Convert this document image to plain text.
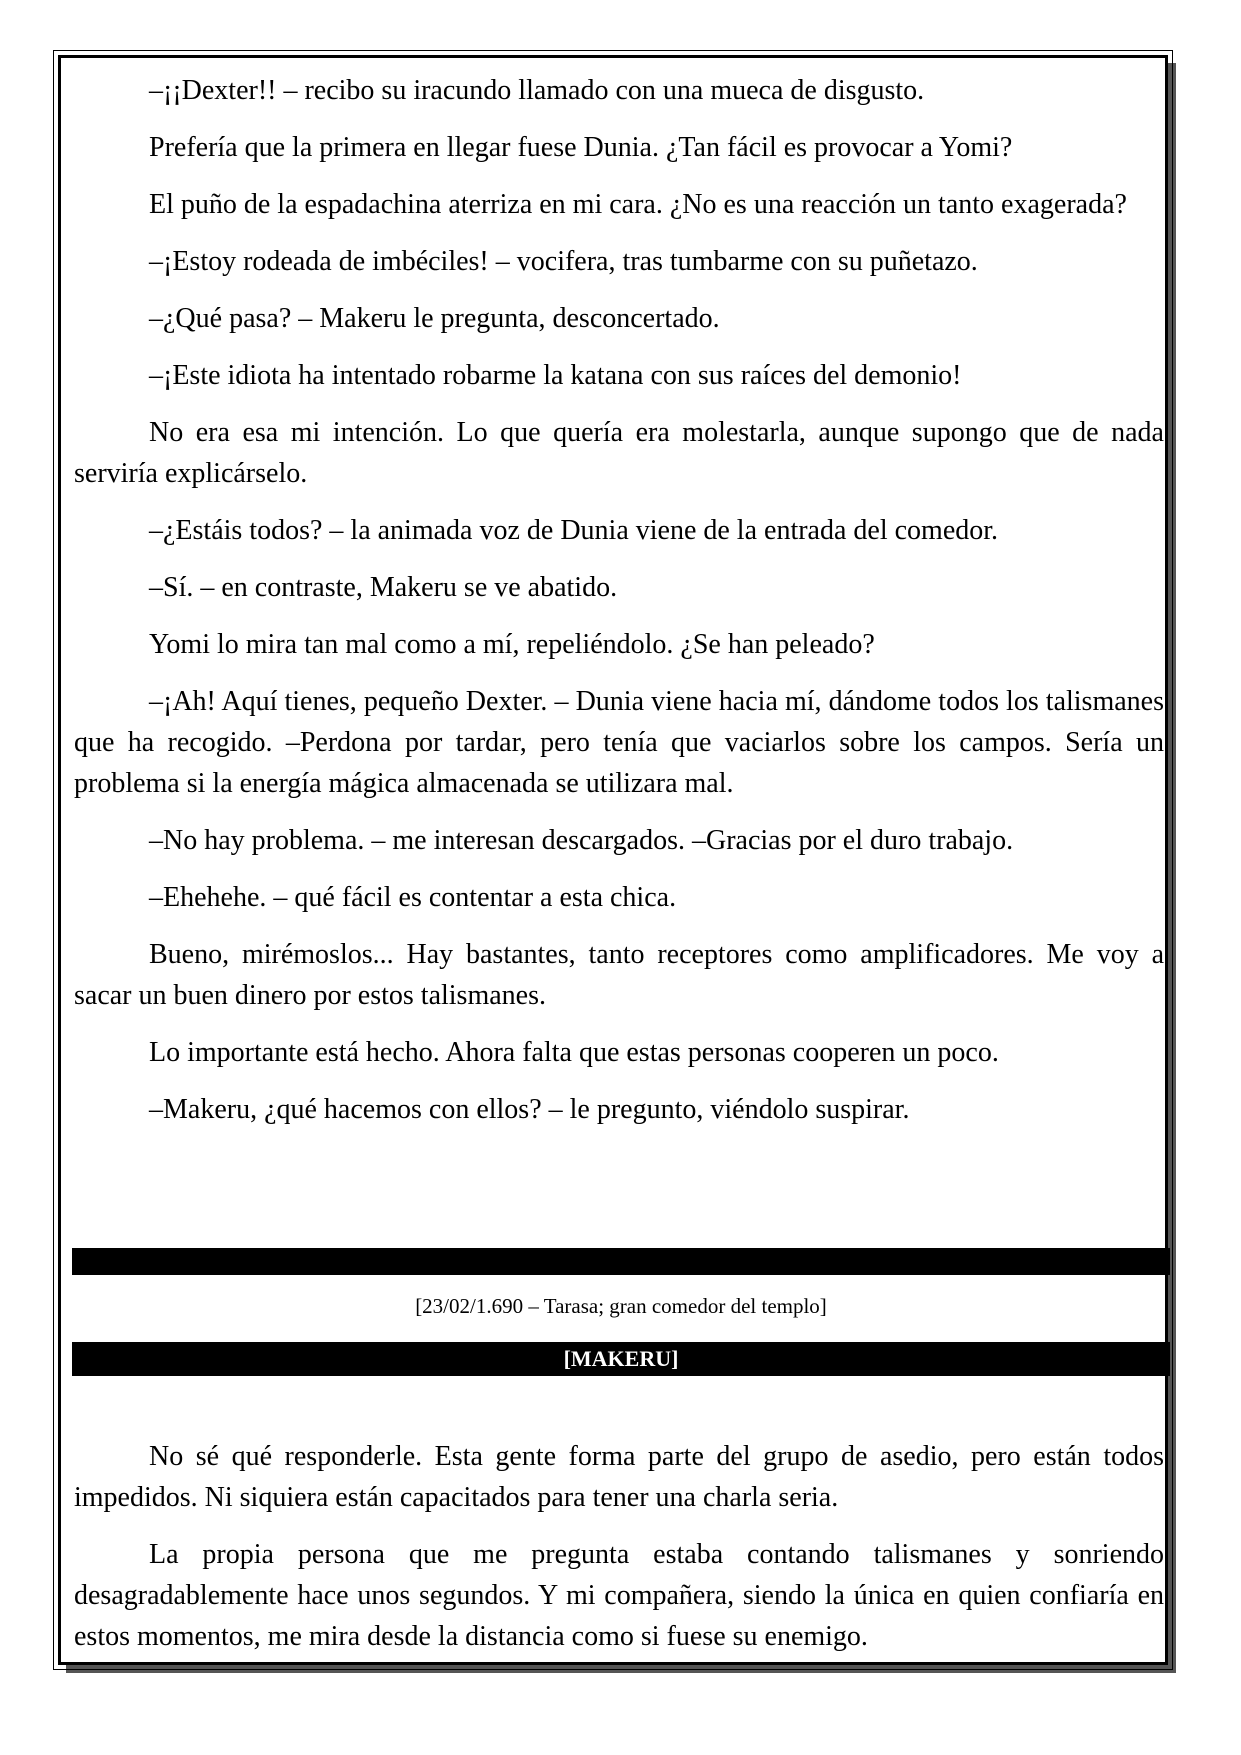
–¡¡Dexter!! – recibo su iracundo llamado con una mueca de disgusto.

Prefería que la primera en llegar fuese Dunia. ¿Tan fácil es provocar a Yomi?

El puño de la espadachina aterriza en mi cara. ¿No es una reacción un tanto exagerada?

–¡Estoy rodeada de imbéciles! – vocifera, tras tumbarme con su puñetazo.

–¿Qué pasa? – Makeru le pregunta, desconcertado.

–¡Este idiota ha intentado robarme la katana con sus raíces del demonio!

No era esa mi intención. Lo que quería era molestarla, aunque supongo que de nada serviría explicárselo.

–¿Estáis todos? – la animada voz de Dunia viene de la entrada del comedor.

–Sí. – en contraste, Makeru se ve abatido.

Yomi lo mira tan mal como a mí, repeliéndolo. ¿Se han peleado?

–¡Ah! Aquí tienes, pequeño Dexter. – Dunia viene hacia mí, dándome todos los talismanes que ha recogido. –Perdona por tardar, pero tenía que vaciarlos sobre los campos. Sería un problema si la energía mágica almacenada se utilizara mal.

–No hay problema. – me interesan descargados. –Gracias por el duro trabajo.

–Ehehehe. – qué fácil es contentar a esta chica.

Bueno, mirémoslos... Hay bastantes, tanto receptores como amplificadores. Me voy a sacar un buen dinero por estos talismanes.

Lo importante está hecho. Ahora falta que estas personas cooperen un poco.

–Makeru, ¿qué hacemos con ellos? – le pregunto, viéndolo suspirar.

[23/02/1.690 – Tarasa; gran comedor del templo]
[MAKERU]

No sé qué responderle. Esta gente forma parte del grupo de asedio, pero están todos impedidos. Ni siquiera están capacitados para tener una charla seria.

La propia persona que me pregunta estaba contando talismanes y sonriendo desagradablemente hace unos segundos. Y mi compañera, siendo la única en quien confiaría en estos momentos, me mira desde la distancia como si fuese su enemigo.
